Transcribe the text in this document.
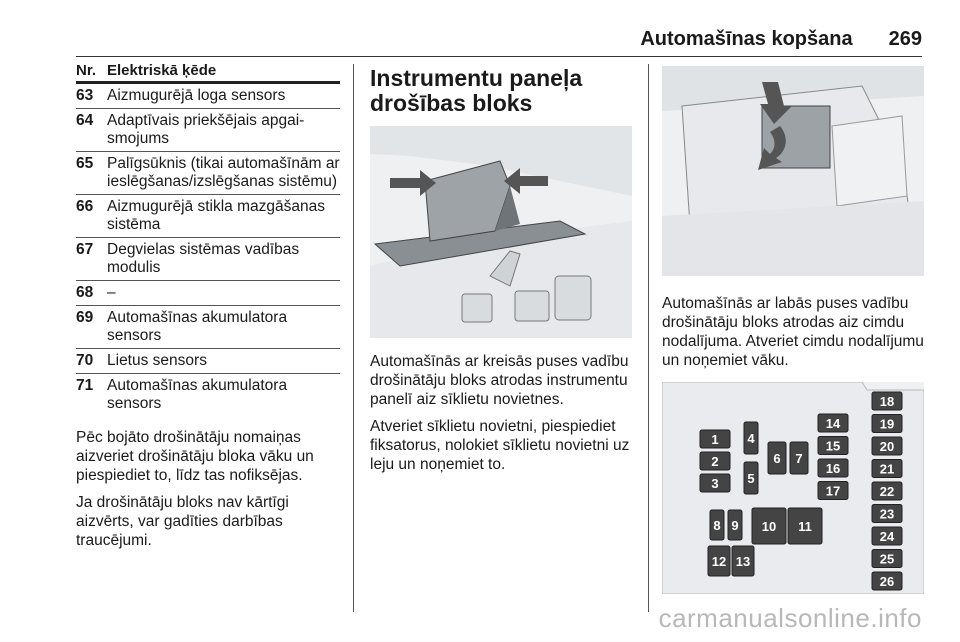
Automašīnas kopšana 269
Nr. Elektriskā ķēde
63 Aizmugurējā loga sensors
64 Adaptīvais priekšējais apgaismojums
65 Palīgsūknis (tikai automašīnām ar ieslēgšanas/izslēgšanas sistēmu)
66 Aizmugurējā stikla mazgāšanas sistēma
67 Degvielas sistēmas vadības modulis
68 –
69 Automašīnas akumulatora sensors
70 Lietus sensors
71 Automašīnas akumulatora sensors

Pēc bojāto drošinātāju nomaiņas aizveriet drošinātāju bloka vāku un piespiediet to, līdz tas nofiksējas.

Ja drošinātāju bloks nav kārtīgi aizvērts, var gadīties darbības traucējumi.

Instrumentu paneļa
drošības bloks

Automašīnās ar kreisās puses vadību drošinātāju bloks atrodas instrumentu panelī aiz sīklietu novietnes.

Atveriet sīklietu novietni, piespiediet fiksatorus, nolokiet sīklietu novietni uz leju un noņemiet to.

Automašīnās ar labās puses vadību drošinātāju bloks atrodas aiz cimdu nodalījuma. Atveriet cimdu nodalījumu un noņemiet vāku.

18
19
20
21
22
23
24
25
26
14
15
16
17
1
2
3
4
5
6 7
8 9 10 11
12 13
carmanualsonline.info
